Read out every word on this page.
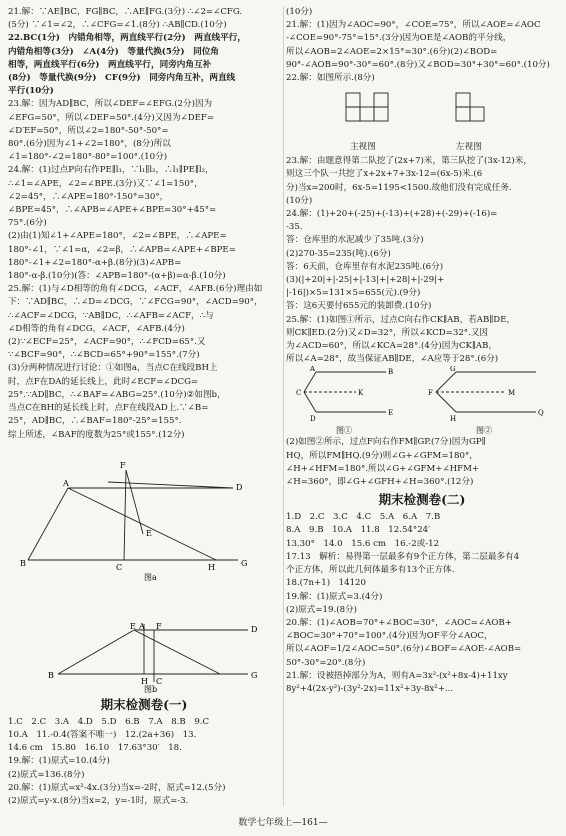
21.解：∵AE∥BC，FG∥BC，∴AE∥FG.(3分) ∴∠2=∠CFG.
(5分) ∵∠1=∠2，∴∠CFG=∠1.(8分) ∴AB∥CD.(10分)
22.BC(1分)　内错角相等，两直线平行(2分)　两直线平行，
内错角相等(3分)　∠A(4分)　等量代换(5分)　同位角
相等，两直线平行(6分)　两直线平行，同旁内角互补
(8分)　等量代换(9分)　CF(9分)　同旁内角互补，两直线
平行(10分)
23.解：因为AD∥BC，所以∠DEF=∠EFG.(2分)因为
∠EFG=50°，所以∠DEF=50°.(4分)又因为∠DEF=
∠D′EF=50°，所以∠2=180°-50°-50°=
80°.(6分)因为∠1+∠2=180°，(8分)所以
∠1=180°-∠2=180°-80°=100°.(10分)
24.解：(1)过点P向右作PE∥l₁，∵l₁∥l₂，∴l₁∥PE∥l₂，
∴∠1=∠APE，∠2=∠BPE.(3分)又∵∠1=150°，
∠2=45°，∴∠APE=180°-150°=30°，
∠BPE=45°，∴∠APB=∠APE+∠BPE=30°+45°=
75°.(6分)
(2)由(1)知∠1+∠APE=180°，∠2=∠BPE，∴∠APE=
180°-∠1，∵∠1=α，∠2=β，∴∠APB=∠APE+∠BPE=
180°-∠1+∠2=180°-α+β.(8分)(3)∠APB=
180°-α-β.(10分)(答：∠APB=180°-(α+β)=α-β.(10分)
25.解：(1)与∠D相等的角有∠DCG，∠ACF，∠AFB.(6分)理由如
下：∵AD∥BC，∴∠D=∠DCG，∵∠FCG=90°，∠ACD=90°，
∴∠ACF=∠DCG，∵AB∥DC，∴∠AFB=∠ACF，∴与
∠D相等的角有∠DCG，∠ACF，∠AFB.(4分)
(2)∵∠ECF=25°，∠ACF=90°，∴∠FCD=65°.又
∵∠BCF=90°，∴∠BCD=65°+90°=155°.(7分)
(3)分两种情况进行讨论：①如图a，当点C在线段BH上
时，点F在DA的延长线上，此时∠ECF=∠DCG=
25°.∵AD∥BC，∴∠BAF=∠ABG=25°.(10分)②如图b，
当点C在BH的延长线上时，点F在线段AD上.∵∠B=
25°，AD∥BC，∴∠BAF=180°-25°=155°.
综上所述，∠BAF的度数为25°或155°.(12分)
F
A	D
E
B	C	H	G
图a
E A F	D
B
H C
G
图b
期末检测卷(一)
1.C　2.C　3.A　4.D　5.D　6.B　7.A　8.B　9.C
10.A　11.-0.4(答案不唯一)　12.(2a+36)　13.
14.6 cm　15.80　16.10　17.63°30′　18.
19.解：(1)原式=10.(4分)
(2)原式=136.(8分)
20.解：(1)原式=x²-4x.(3分)当x=-2时，原式=12.(5分)
(2)原式=y-x.(8分)当x=2，y=-1时，原式=-3.
(10分)
21.解：(1)因为∠AOC=90°，∠COE=75°，所以∠AOE=∠AOC
-∠COE=90°-75°=15°.(3分)因为OE是∠AOB的平分线，
所以∠AOB=2∠AOE=2×15°=30°.(6分)(2)∠BOD=
90°-∠AOB=90°-30°=60°.(8分)又∠BOD=30°+30°=60°.(10分)
22.解：如图所示.(8分)
主视图	左视图
23.解：由题意得第二队挖了(2x+7)米，第三队挖了(3x-12)米，
则这三个队一共挖了x+2x+7+3x-12=(6x-5)米.(6
分)当x=200时，6x-5=1195<1500.故他们没有完成任务.
(10分)
24.解：(1)+20+(-25)+(-13)+(+28)+(-29)+(-16)=
-35.
答：仓库里的水泥减少了35吨.(3分)
(2)270-35=235(吨).(6分)
答：6天前，仓库里存有水泥235吨.(6分)
(3)(|+20|+|-25|+|-13|+|+28|+|-29|+
|-16|)×5=131×5=655(元).(9分)
答：这6天要付655元的装卸费.(10分)
25.解：(1)如图①所示，过点C向右作CK∥AB，若AB∥DE，
则CK∥ED.(2分)又∠D=32°，所以∠KCD=32°.又因
为∠ACD=60°，所以∠KCA=28°.(4分)因为CK∥AB，
所以∠A=28°，故当保证AB∥DE，∠A应等于28°.(6分)
A	B
C	K
D
E
F
G
M
H
Q
图①	图②
(2)如图②所示，过点F向右作FM∥GP.(7分)因为GP∥
HQ，所以FM∥HQ.(9分)则∠G+∠GFM=180°，
∠H+∠HFM=180°.所以∠G+∠GFM+∠HFM+
∠H=360°，即∠G+∠GFH+∠H=360°.(12分)
期末检测卷(二)
1.D　2.C　3.C　4.C　5.A　6.A　7.B
8.A　9.B　10.A　11.8　12.54°24′
13.30°　14.0　15.6 cm　16.-2或-12
17.13　解析：易得第一层最多有9个正方体，第二层最多有4
个正方体，所以此几何体最多有13个正方体.
18.(7n+1)　14120
19.解：(1)原式=3.(4分)
(2)原式=19.(8分)
20.解：(1)∠AOB=70°+∠BOC=30°，∠AOC=∠AOB+
∠BOC=30°+70°=100°.(4分)因为OF平分∠AOC，
所以∠AOF=1/2∠AOC=50°.(6分)∠BOF=∠AOE-∠AOB=
50°-30°=20°.(8分)
21.解：设被捂掉部分为A，则有A=3x²-(x²+8x-4)+11xy
8y²+4(2x-y²)-(3y²-2x)=11x²+3y-8x²+...
数学七年级上—161—
